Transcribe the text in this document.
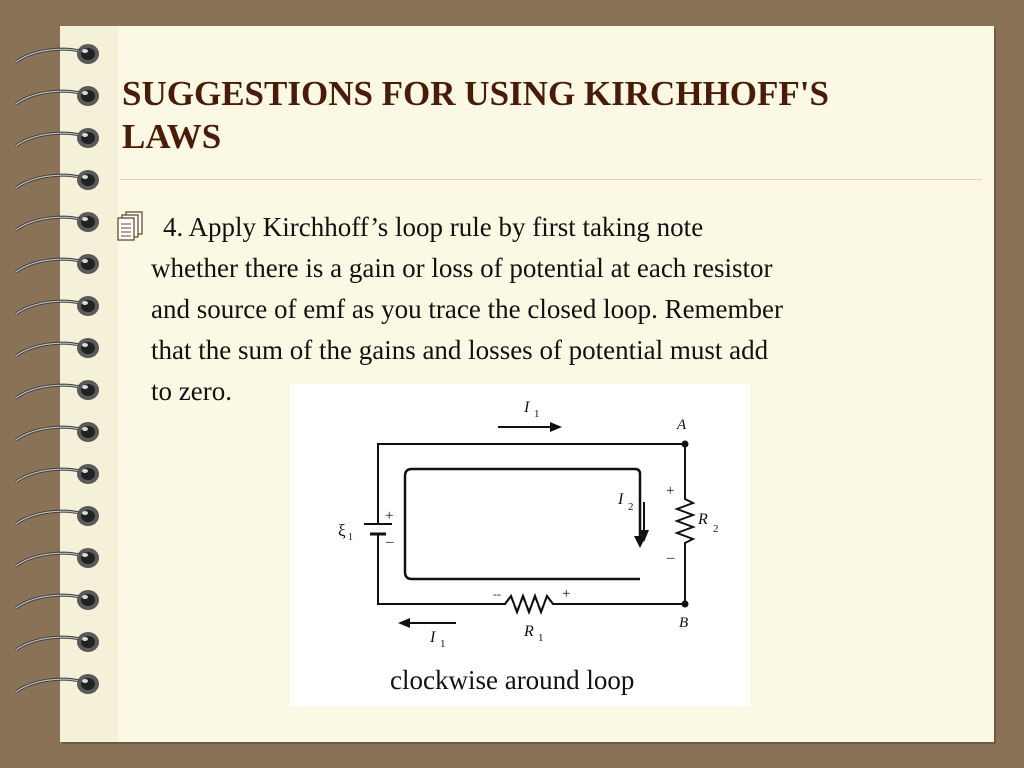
SUGGESTIONS FOR USING KIRCHHOFF'S
LAWS

4. Apply Kirchhoff’s loop rule by first taking note
whether there is a gain or loss of potential at each resistor
and source of emf as you trace the closed loop. Remember
that the sum of the gains and losses of potential must add
to zero.

I 1
A
I 2
+
–
R
2
ξ 1
+
–
--	+
R 1
I 1
B
clockwise around loop
